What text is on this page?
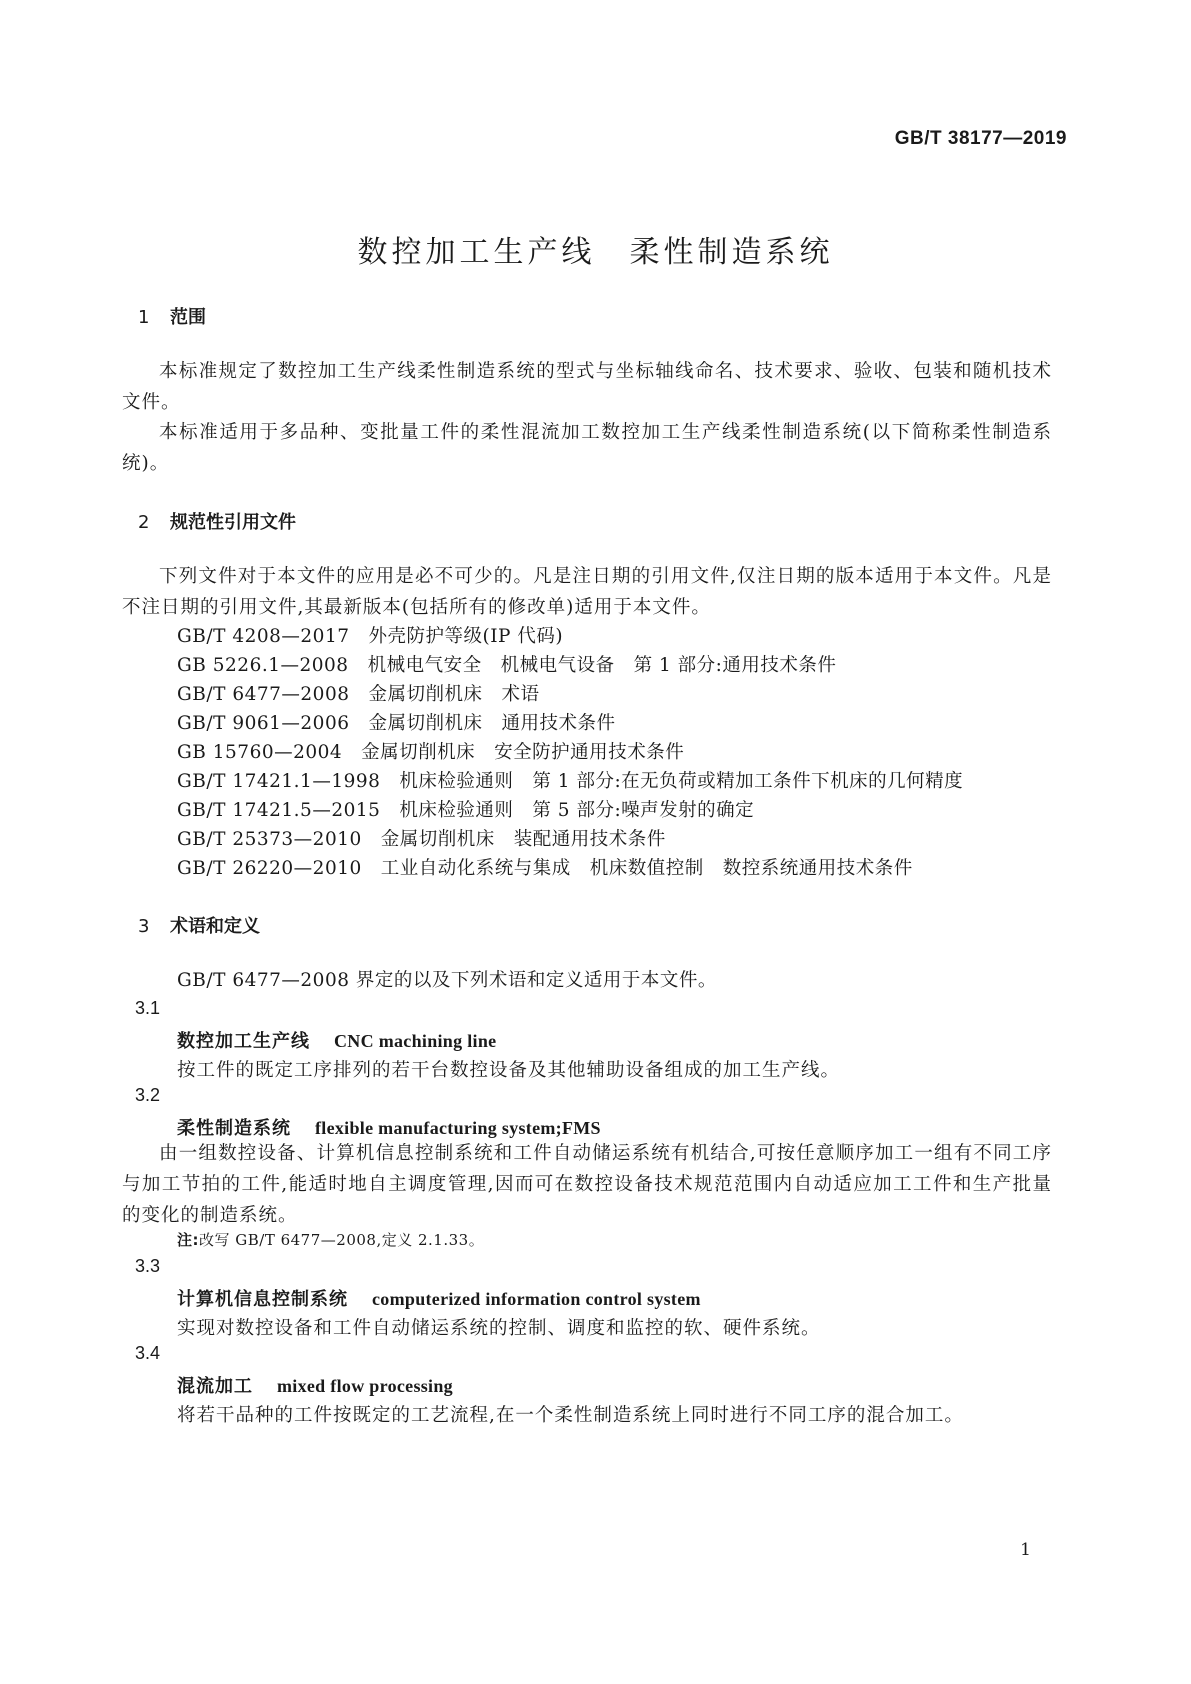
GB/T 38177—2019
数控加工生产线　柔性制造系统
1 范围
本标准规定了数控加工生产线柔性制造系统的型式与坐标轴线命名、技术要求、验收、包装和随机技术文件。
本标准适用于多品种、变批量工件的柔性混流加工数控加工生产线柔性制造系统(以下简称柔性制造系统)。
2 规范性引用文件
下列文件对于本文件的应用是必不可少的。凡是注日期的引用文件,仅注日期的版本适用于本文件。凡是不注日期的引用文件,其最新版本(包括所有的修改单)适用于本文件。
GB/T 4208—2017　外壳防护等级(IP 代码)
GB 5226.1—2008　机械电气安全　机械电气设备　第 1 部分:通用技术条件
GB/T 6477—2008　金属切削机床　术语
GB/T 9061—2006　金属切削机床　通用技术条件
GB 15760—2004　金属切削机床　安全防护通用技术条件
GB/T 17421.1—1998　机床检验通则　第 1 部分:在无负荷或精加工条件下机床的几何精度
GB/T 17421.5—2015　机床检验通则　第 5 部分:噪声发射的确定
GB/T 25373—2010　金属切削机床　装配通用技术条件
GB/T 26220—2010　工业自动化系统与集成　机床数值控制　数控系统通用技术条件
3 术语和定义
GB/T 6477—2008 界定的以及下列术语和定义适用于本文件。
3.1
数控加工生产线 CNC machining line
按工件的既定工序排列的若干台数控设备及其他辅助设备组成的加工生产线。
3.2
柔性制造系统 flexible manufacturing system;FMS
由一组数控设备、计算机信息控制系统和工件自动储运系统有机结合,可按任意顺序加工一组有不同工序与加工节拍的工件,能适时地自主调度管理,因而可在数控设备技术规范范围内自动适应加工工件和生产批量的变化的制造系统。
注:改写 GB/T 6477—2008,定义 2.1.33。
3.3
计算机信息控制系统 computerized information control system
实现对数控设备和工件自动储运系统的控制、调度和监控的软、硬件系统。
3.4
混流加工 mixed flow processing
将若干品种的工件按既定的工艺流程,在一个柔性制造系统上同时进行不同工序的混合加工。
1
